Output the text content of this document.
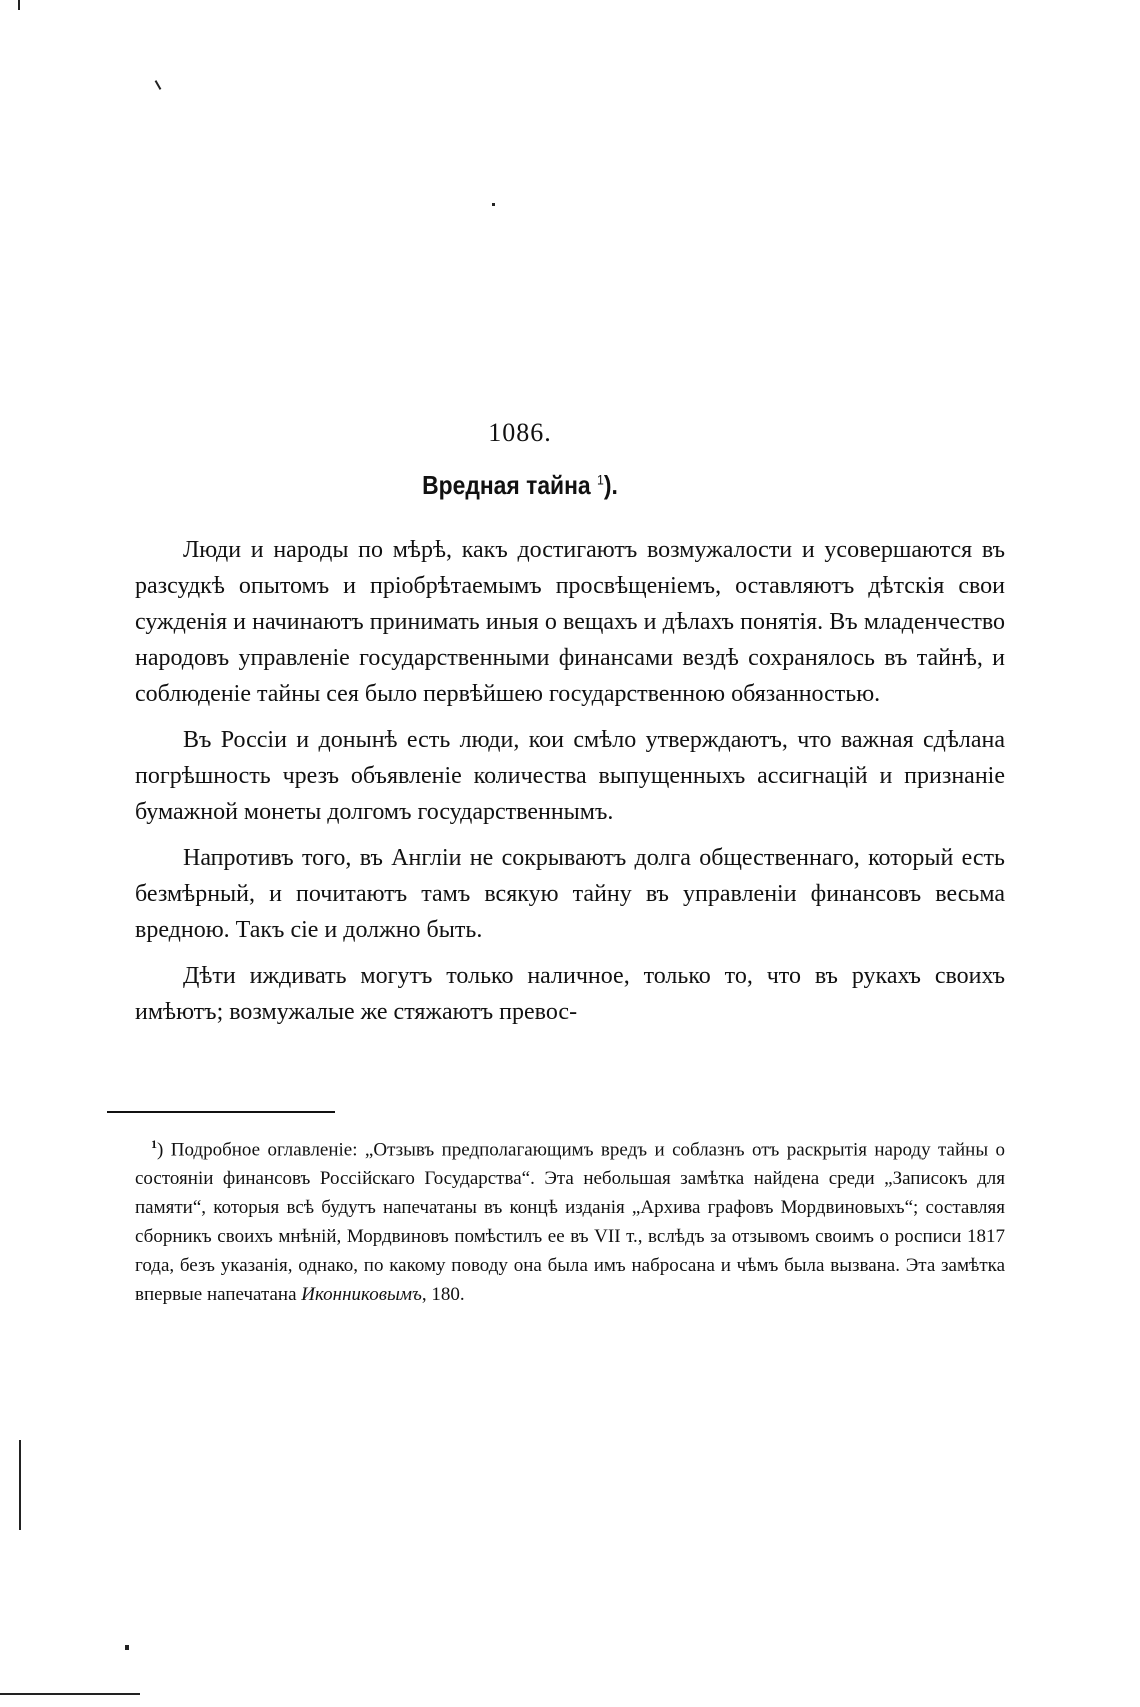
1086.
Вредная тайна $^1$).

Люди и народы по мѣрѣ, какъ достигаютъ возмужалости и усовершаются въ разсудкѣ опытомъ и пріобрѣтаемымъ просвѣщеніемъ, оставляютъ дѣтскія свои сужденія и начинаютъ принимать иныя о вещахъ и дѣлахъ понятія. Въ младенчество народовъ управленіе государственными финансами вездѣ сохранялось въ тайнѣ, и соблюденіе тайны сея было первѣйшею государственною обязанностью.

Въ Россіи и донынѣ есть люди, кои смѣло утверждаютъ, что важная сдѣлана погрѣшность чрезъ объявленіе количества выпущенныхъ ассигнацій и признаніе бумажной монеты долгомъ государственнымъ.

Напротивъ того, въ Англіи не сокрываютъ долга общественнаго, который есть безмѣрный, и почитаютъ тамъ всякую тайну въ управленіи финансовъ весьма вредною. Такъ сіе и должно быть.

Дѣти иждивать могутъ только наличное, только то, что въ рукахъ своихъ имѣютъ; возмужалые же стяжаютъ превос-

$^1$) Подробное оглавленіе: „Отзывъ предполагающимъ вредъ и соблазнъ отъ раскрытія народу тайны о состояніи финансовъ Россійскаго Государства“. Эта небольшая замѣтка найдена среди „Записокъ для памяти“, которыя всѣ будутъ напечатаны въ концѣ изданія „Архива графовъ Мордвиновыхъ“; составляя сборникъ своихъ мнѣній, Мордвиновъ помѣстилъ ее въ VII т., вслѣдъ за отзывомъ своимъ о росписи 1817 года, безъ указанія, однако, по какому поводу она была имъ набросана и чѣмъ была вызвана. Эта замѣтка впервые напечатана Иконниковымъ, 180.
